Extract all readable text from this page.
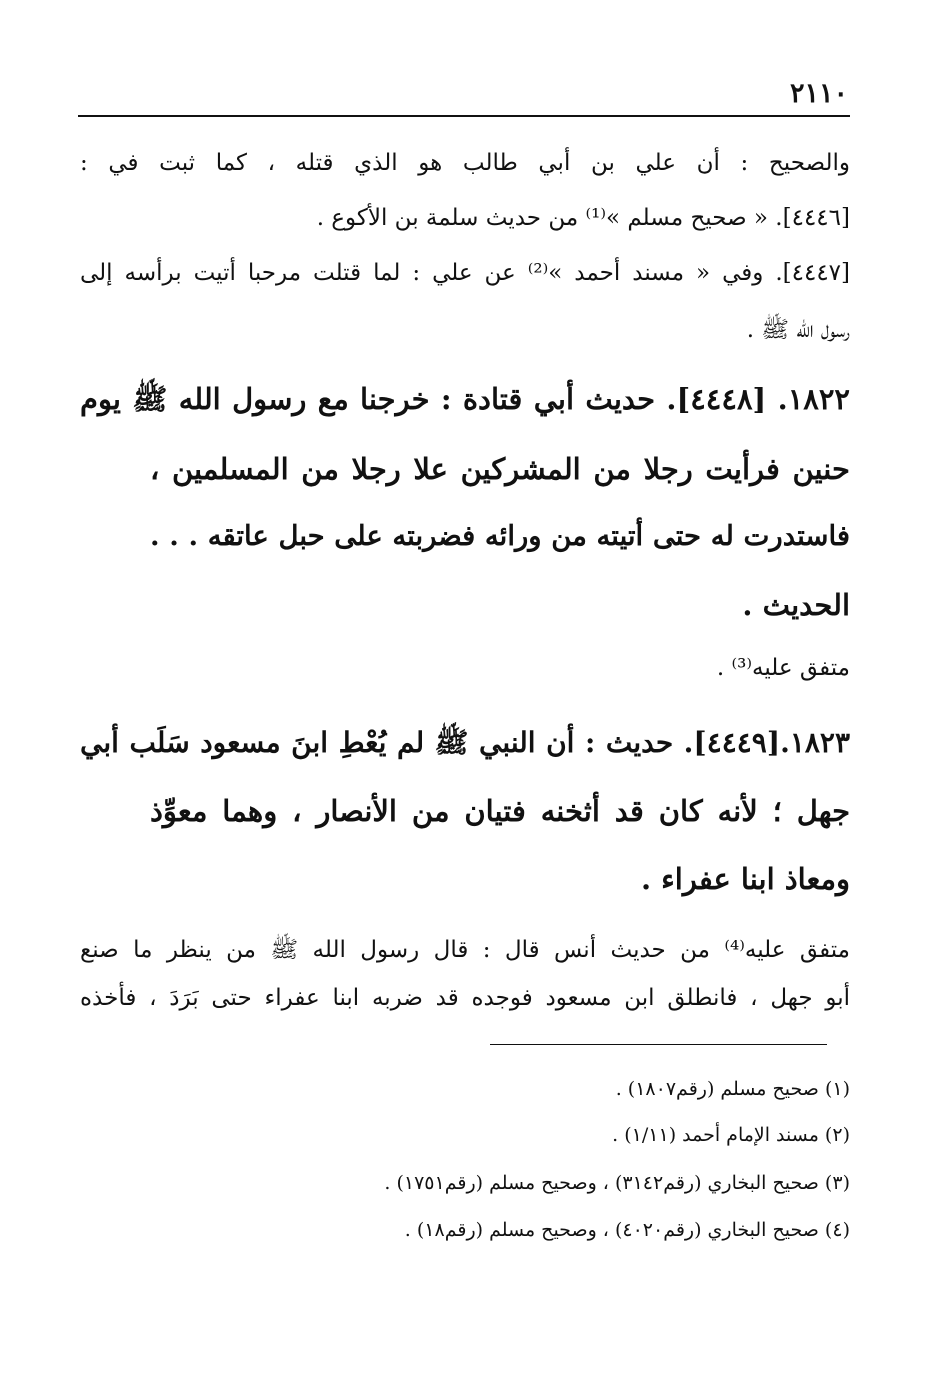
٢١١٠
والصحيح : أن علي بن أبي طالب هو الذي قتله ، كما ثبت في :
[٤٤٤٦]. « صحيح مسلم »⁽¹⁾ من حديث سلمة بن الأكوع .
[٤٤٤٧]. وفي « مسند أحمد »⁽²⁾ عن علي : لما قتلت مرحبا أتيت برأسه إلى
رسول الله ﷺ .
١٨٢٢. [٤٤٤٨]. حديث أبي قتادة : خرجنا مع رسول الله ﷺ يوم
حنين فرأيت رجلا من المشركين علا رجلا من المسلمين ،
فاستدرت له حتى أتيته من ورائه فضربته على حبل عاتقه . . .
الحديث .
متفق عليه⁽³⁾ .
١٨٢٣.[٤٤٤٩]. حديث : أن النبي ﷺ لم يُعْطِ ابنَ مسعود سَلَب أبي
جهل ؛ لأنه كان قد أثخنه فتيان من الأنصار ، وهما معوِّذ
ومعاذ ابنا عفراء .
متفق عليه⁽⁴⁾ من حديث أنس قال : قال رسول الله ﷺ من ينظر ما صنع
أبو جهل ، فانطلق ابن مسعود فوجده قد ضربه ابنا عفراء حتى بَرَدَ ، فأخذه
(١) صحيح مسلم (رقم١٨٠٧) .
(٢) مسند الإمام أحمد (١/١١) .
(٣) صحيح البخاري (رقم٣١٤٢) ، وصحيح مسلم (رقم١٧٥١) .
(٤) صحيح البخاري (رقم٤٠٢٠) ، وصحيح مسلم (رقم١٨) .
